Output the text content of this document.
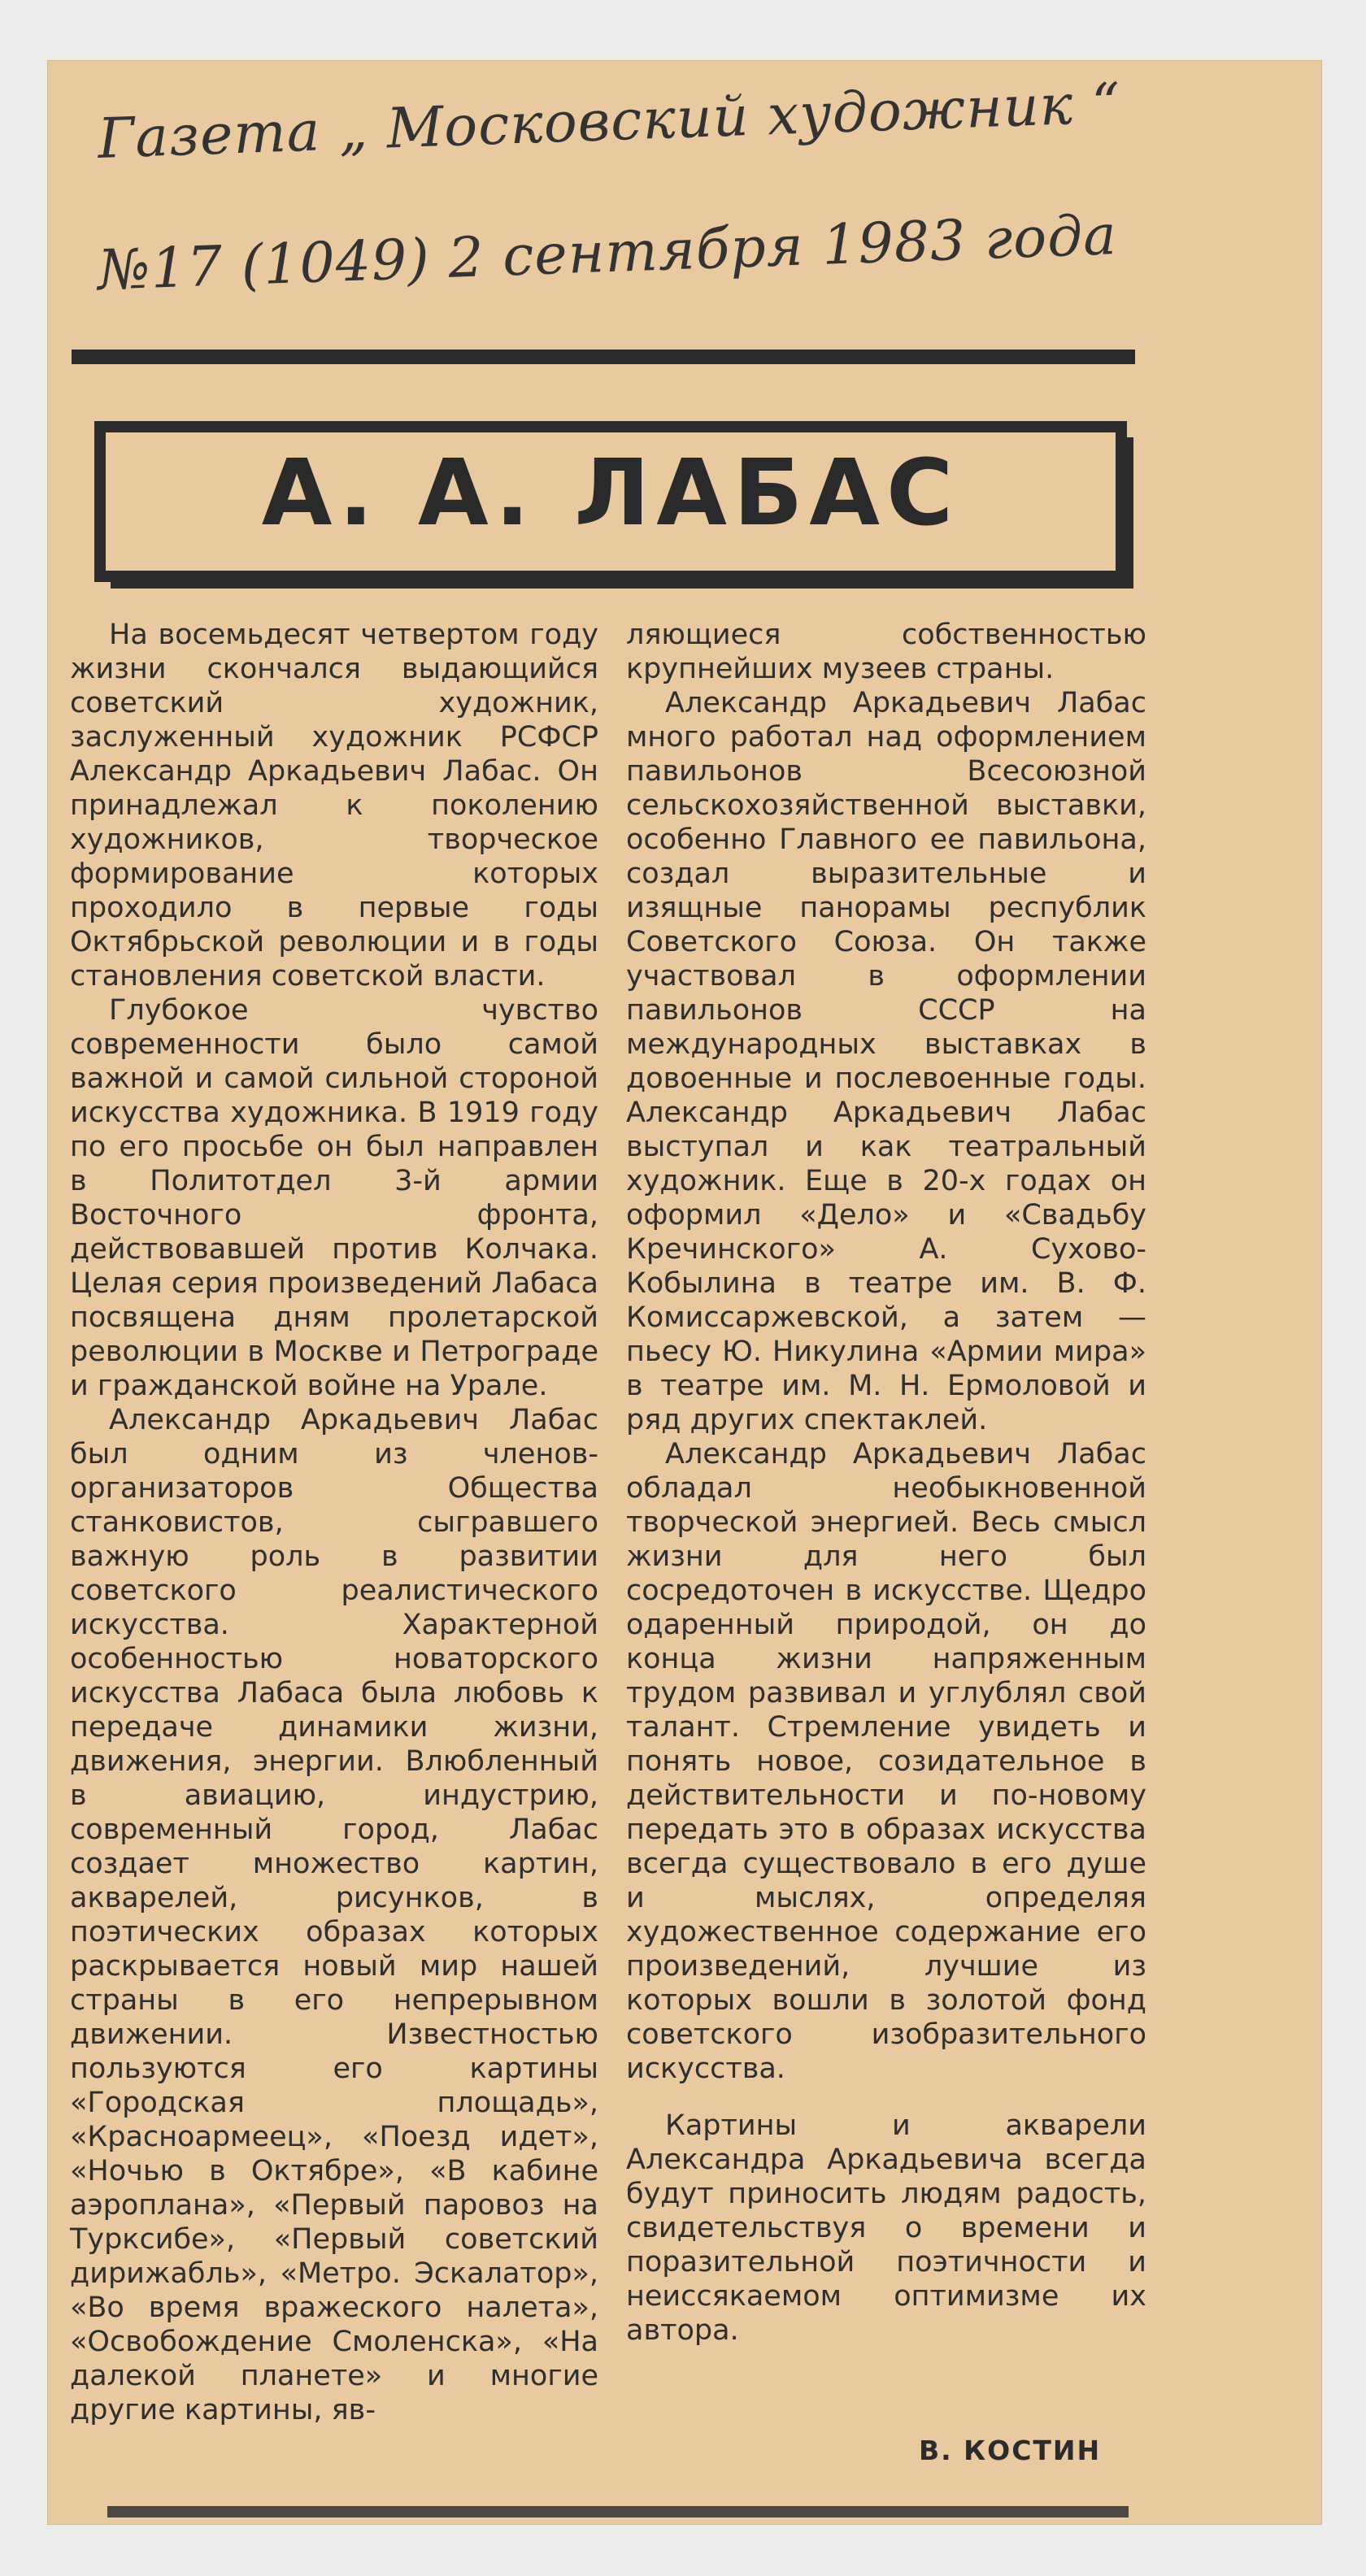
Газета „ Московский художник “
№17 (1049) 2 сентября 1983 года
А. А. ЛАБАС

На восемьдесят четвертом году жизни скончался выдающийся советский художник, заслуженный художник РСФСР Александр Аркадьевич Лабас. Он принадлежал к поколению художников, творческое формирование которых проходило в первые годы Октябрьской революции и в годы становления советской власти.

Глубокое чувство современности было самой важной и самой сильной стороной искусства художника. В 1919 году по его просьбе он был направлен в Политотдел 3-й армии Восточного фронта, действовавшей против Колчака. Целая серия произведений Лабаса посвящена дням пролетарской революции в Москве и Петрограде и гражданской войне на Урале.

Александр Аркадьевич Лабас был одним из членов-организаторов Общества станковистов, сыгравшего важную роль в развитии советского реалистического искусства. Характерной особенностью новаторского искусства Лабаса была любовь к передаче динамики жизни, движения, энергии. Влюбленный в авиацию, индустрию, современный город, Лабас создает множество картин, акварелей, рисунков, в поэтических образах которых раскрывается новый мир нашей страны в его непрерывном движении. Известностью пользуются его картины «Городская площадь», «Красноармеец», «Поезд идет», «Ночью в Октябре», «В кабине аэроплана», «Первый паровоз на Турксибе», «Первый советский дирижабль», «Метро. Эскалатор», «Во время вражеского налета», «Освобождение Смоленска», «На далекой планете» и многие другие картины, яв-

ляющиеся собственностью крупнейших музеев страны.

Александр Аркадьевич Лабас много работал над оформлением павильонов Всесоюзной сельскохозяйственной выставки, особенно Главного ее павильона, создал выразительные и изящные панорамы республик Советского Союза. Он также участвовал в оформлении павильонов СССР на международных выставках в довоенные и послевоенные годы. Александр Аркадьевич Лабас выступал и как театральный художник. Еще в 20-х годах он оформил «Дело» и «Свадьбу Кречинского» А. Сухово-Кобылина в театре им. В. Ф. Комиссаржевской, а затем — пьесу Ю. Никулина «Армии мира» в театре им. М. Н. Ермоловой и ряд других спектаклей.

Александр Аркадьевич Лабас обладал необыкновенной творческой энергией. Весь смысл жизни для него был сосредоточен в искусстве. Щедро одаренный природой, он до конца жизни напряженным трудом развивал и углублял свой талант. Стремление увидеть и понять новое, созидательное в действительности и по-новому передать это в образах искусства всегда существовало в его душе и мыслях, определяя художественное содержание его произведений, лучшие из которых вошли в золотой фонд советского изобразительного искусства.

Картины и акварели Александра Аркадьевича всегда будут приносить людям радость, свидетельствуя о времени и поразительной поэтичности и неиссякаемом оптимизме их автора.

В. КОСТИН
